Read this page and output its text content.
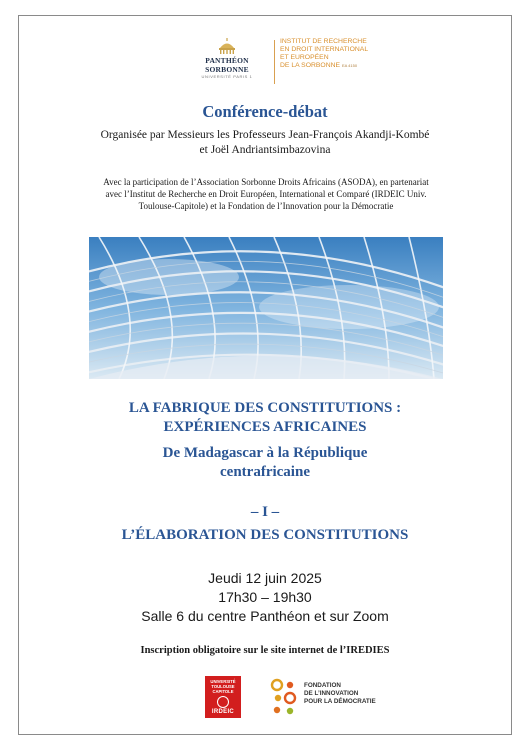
PANTHÉON SORBONNE
UNIVERSITÉ PARIS 1
INSTITUT DE RECHERCHE
EN DROIT INTERNATIONAL
ET EUROPÉEN
DE LA SORBONNE EA 4150
Conférence-débat
Organisée par Messieurs les Professeurs Jean-François Akandji-Kombé
et Joël Andriantsimbazovina
Avec la participation de l’Association Sorbonne Droits Africains (ASODA), en partenariat
avec l’Institut de Recherche en Droit Européen, International et Comparé (IRDEIC Univ.
Toulouse-Capitole) et la Fondation de l’Innovation pour la Démocratie
LA FABRIQUE DES CONSTITUTIONS :
EXPÉRIENCES AFRICAINES
De Madagascar à la République
centrafricaine
– I –
L’ÉLABORATION DES CONSTITUTIONS
Jeudi 12 juin 2025
17h30 – 19h30
Salle 6 du centre Panthéon et sur Zoom
Inscription obligatoire sur le site internet de l’IREDIES
UNIVERSITÉ
TOULOUSE
CAPITOLE
IRDEIC
FONDATION
DE L’INNOVATION
POUR LA DÉMOCRATIE
